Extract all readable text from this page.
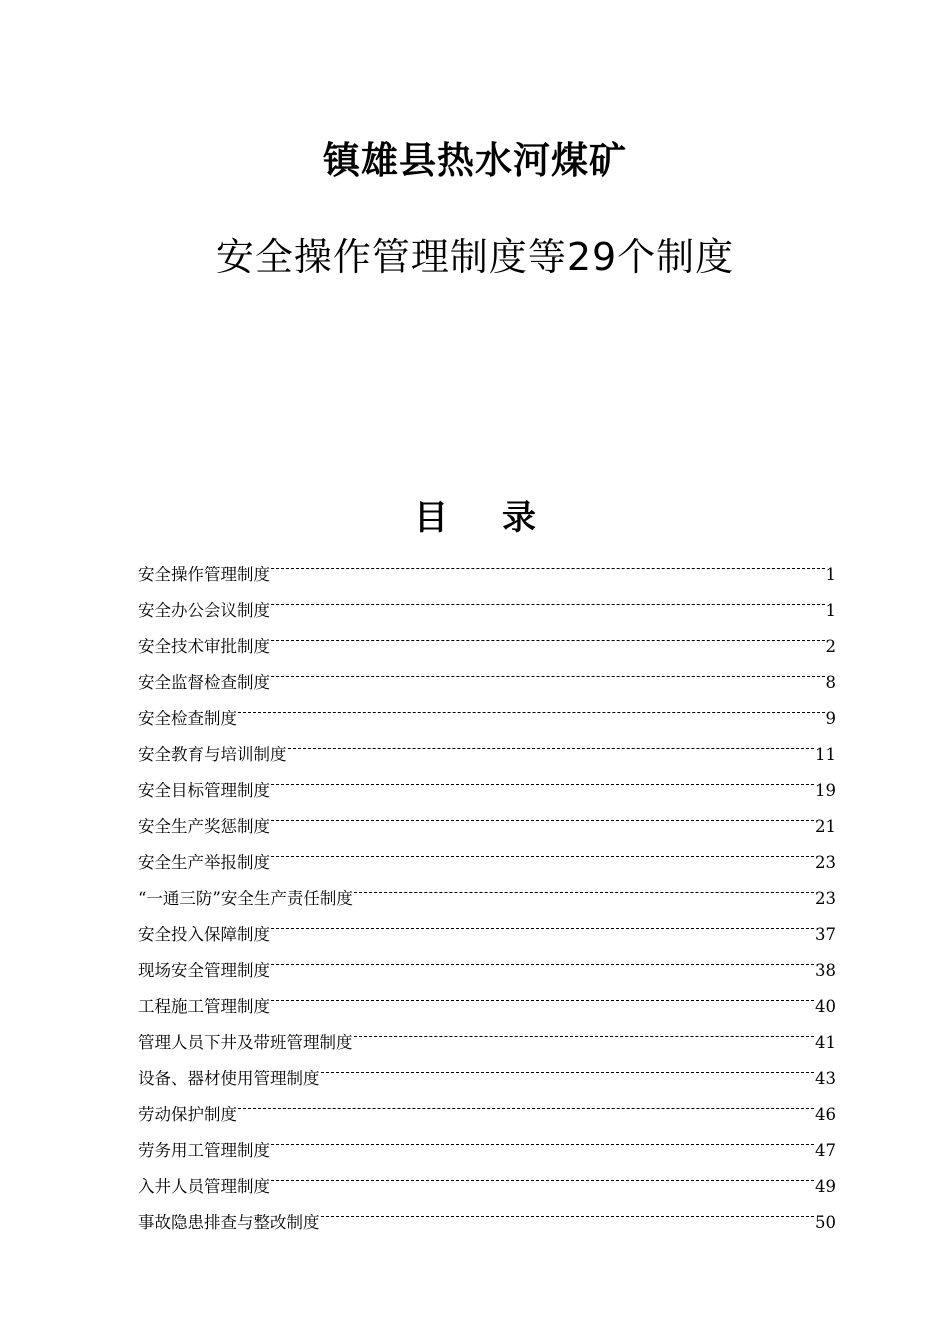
镇雄县热水河煤矿
安全操作管理制度等29个制度
目录
安全操作管理制度	1
安全办公会议制度	1
安全技术审批制度	2
安全监督检查制度	8
安全检查制度	9
安全教育与培训制度	11
安全目标管理制度	19
安全生产奖惩制度	21
安全生产举报制度	23
“一通三防”安全生产责任制度	23
安全投入保障制度	37
现场安全管理制度	38
工程施工管理制度	40
管理人员下井及带班管理制度	41
设备、器材使用管理制度	43
劳动保护制度	46
劳务用工管理制度	47
入井人员管理制度	49
事故隐患排查与整改制度	50
